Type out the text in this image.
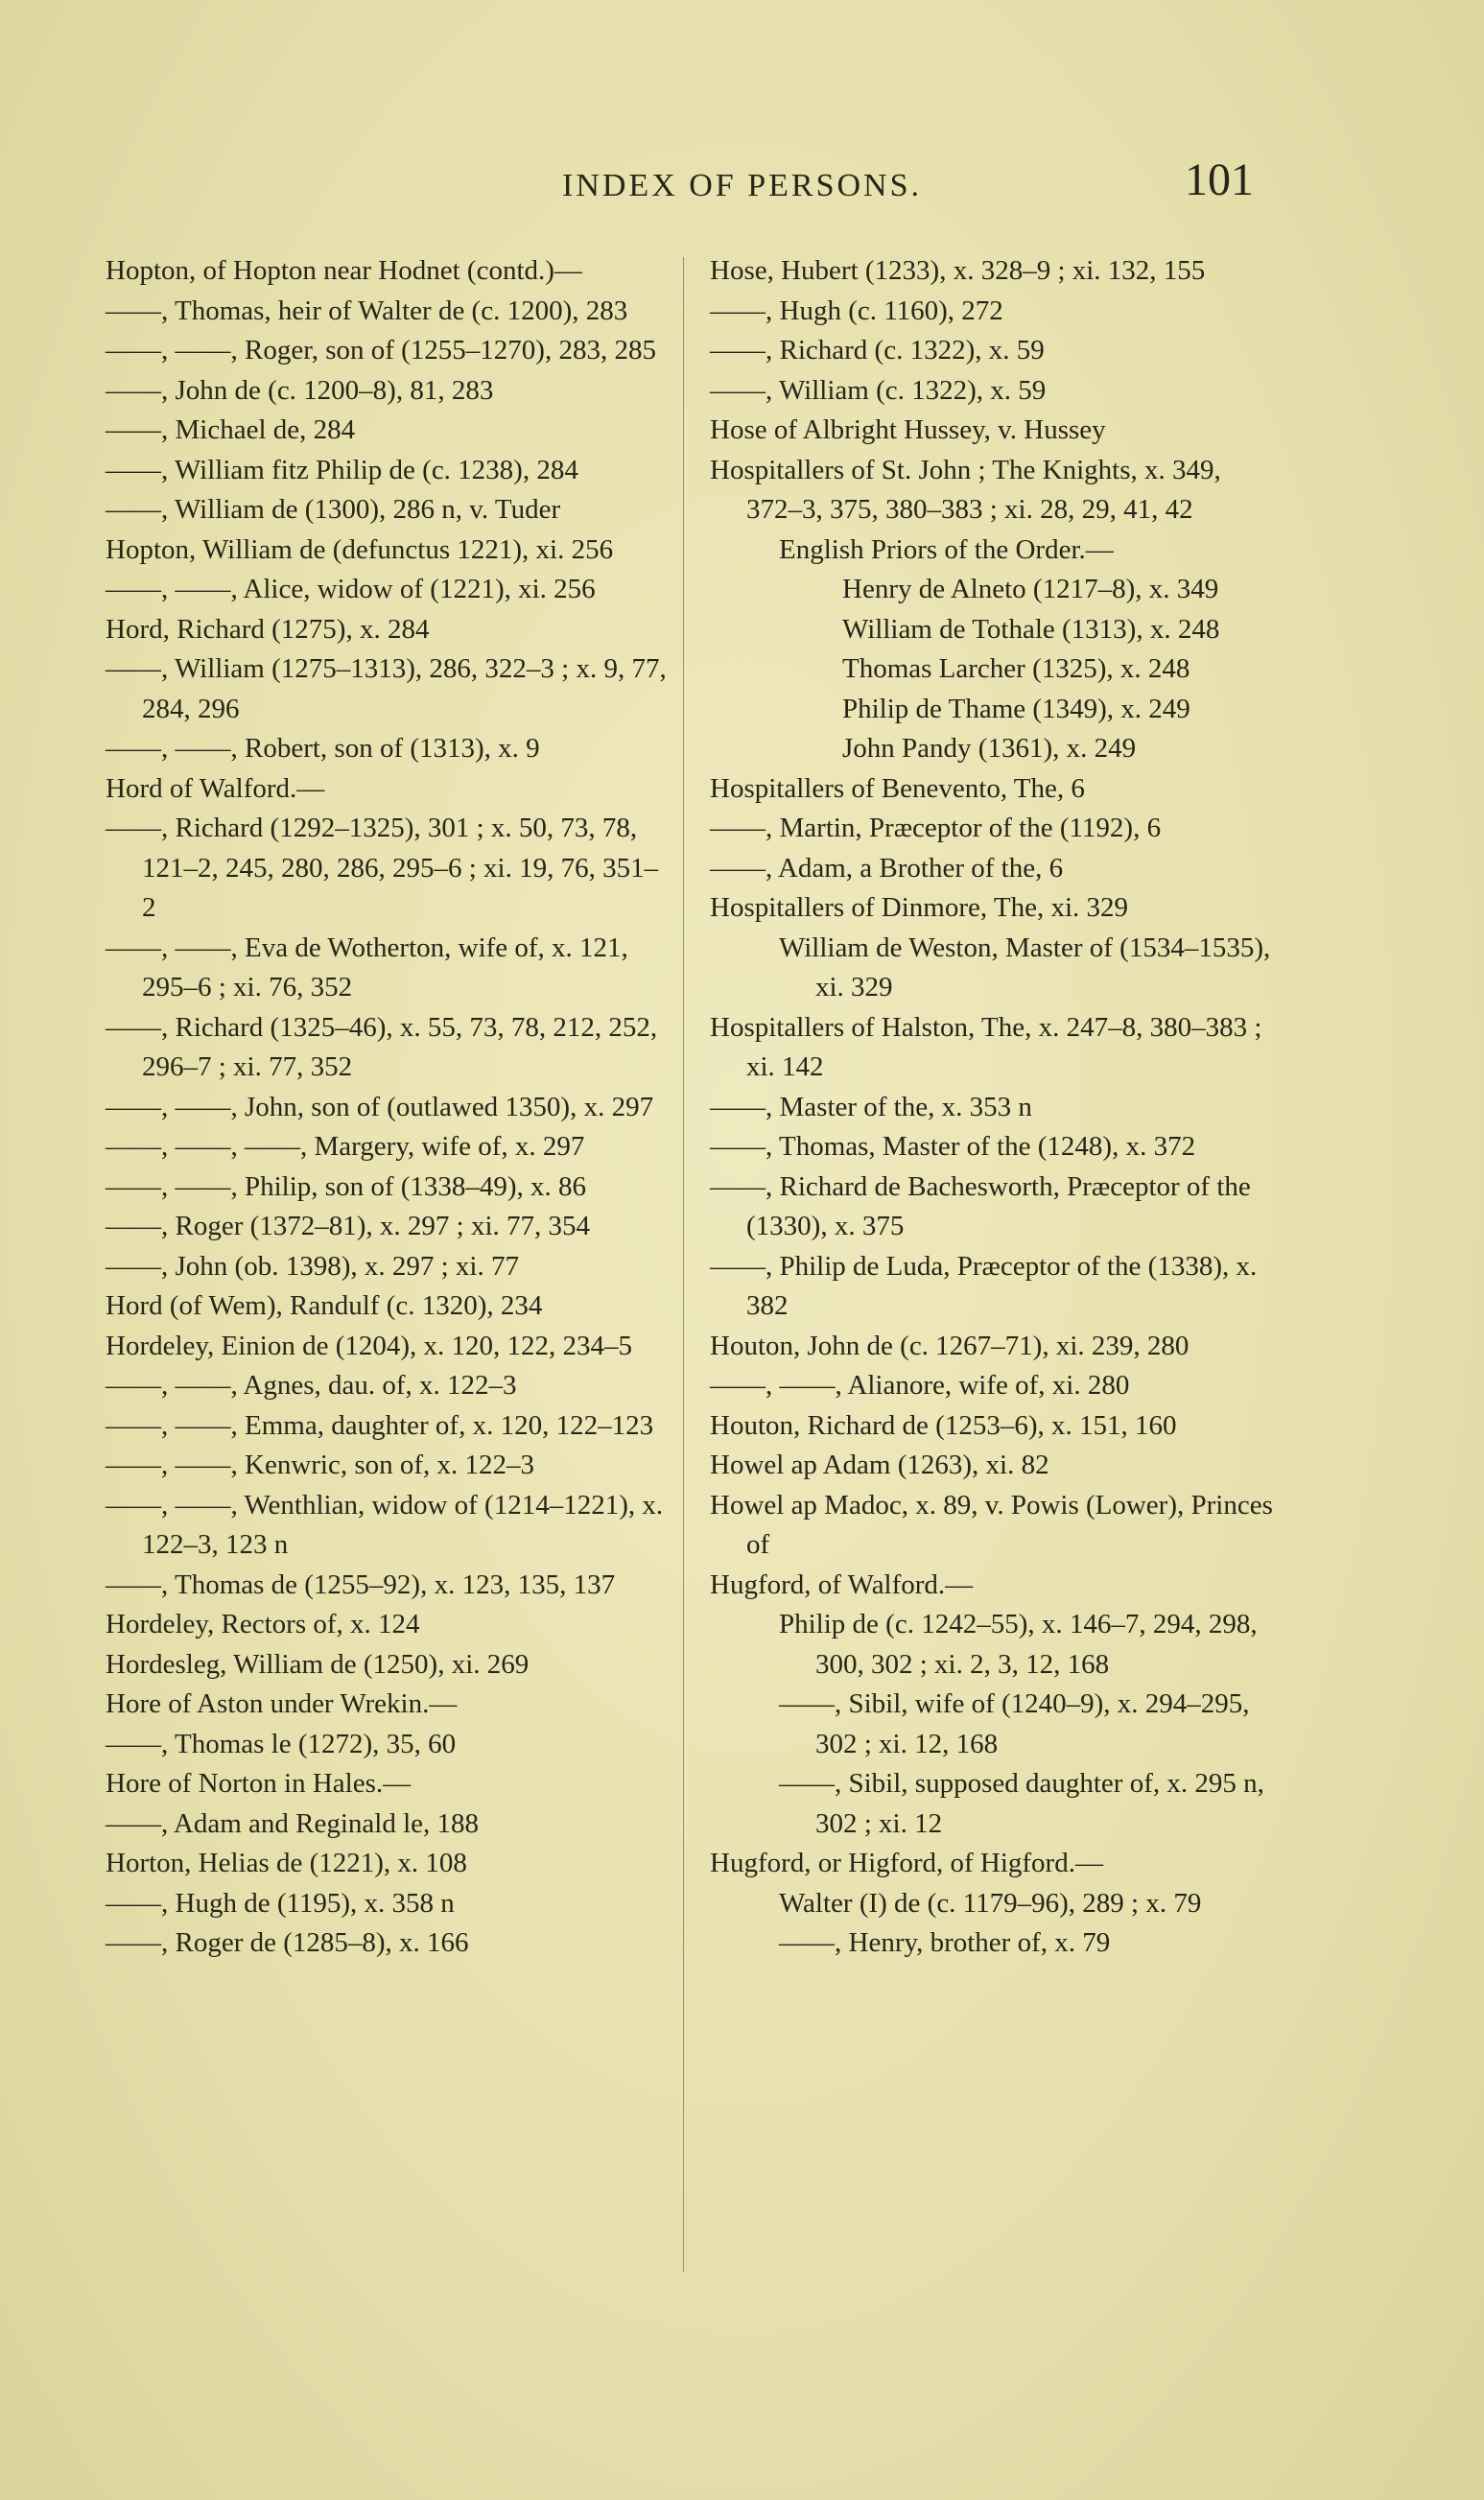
INDEX OF PERSONS.	101

Hopton, of Hopton near Hodnet (contd.)—

——, Thomas, heir of Walter de (c. 1200), 283

——, ——, Roger, son of (1255–1270), 283, 285

——, John de (c. 1200–8), 81, 283

——, Michael de, 284

——, William fitz Philip de (c. 1238), 284

——, William de (1300), 286 n, v. Tuder

Hopton, William de (defunctus 1221), xi. 256

——, ——, Alice, widow of (1221), xi. 256

Hord, Richard (1275), x. 284

——, William (1275–1313), 286, 322–3 ; x. 9, 77, 284, 296

——, ——, Robert, son of (1313), x. 9

Hord of Walford.—

——, Richard (1292–1325), 301 ; x. 50, 73, 78, 121–2, 245, 280, 286, 295–6 ; xi. 19, 76, 351–2

——, ——, Eva de Wotherton, wife of, x. 121, 295–6 ; xi. 76, 352

——, Richard (1325–46), x. 55, 73, 78, 212, 252, 296–7 ; xi. 77, 352

——, ——, John, son of (outlawed 1350), x. 297

——, ——, ——, Margery, wife of, x. 297

——, ——, Philip, son of (1338–49), x. 86

——, Roger (1372–81), x. 297 ; xi. 77, 354

——, John (ob. 1398), x. 297 ; xi. 77

Hord (of Wem), Randulf (c. 1320), 234

Hordeley, Einion de (1204), x. 120, 122, 234–5

——, ——, Agnes, dau. of, x. 122–3

——, ——, Emma, daughter of, x. 120, 122–123

——, ——, Kenwric, son of, x. 122–3

——, ——, Wenthlian, widow of (1214–1221), x. 122–3, 123 n

——, Thomas de (1255–92), x. 123, 135, 137

Hordeley, Rectors of, x. 124

Hordesleg, William de (1250), xi. 269

Hore of Aston under Wrekin.—

——, Thomas le (1272), 35, 60

Hore of Norton in Hales.—

——, Adam and Reginald le, 188

Horton, Helias de (1221), x. 108

——, Hugh de (1195), x. 358 n

——, Roger de (1285–8), x. 166

Hose, Hubert (1233), x. 328–9 ; xi. 132, 155

——, Hugh (c. 1160), 272

——, Richard (c. 1322), x. 59

——, William (c. 1322), x. 59

Hose of Albright Hussey, v. Hussey

Hospitallers of St. John ; The Knights, x. 349, 372–3, 375, 380–383 ; xi. 28, 29, 41, 42

English Priors of the Order.—

Henry de Alneto (1217–8), x. 349

William de Tothale (1313), x. 248

Thomas Larcher (1325), x. 248

Philip de Thame (1349), x. 249

John Pandy (1361), x. 249

Hospitallers of Benevento, The, 6

——, Martin, Præceptor of the (1192), 6

——, Adam, a Brother of the, 6

Hospitallers of Dinmore, The, xi. 329

William de Weston, Master of (1534–1535), xi. 329

Hospitallers of Halston, The, x. 247–8, 380–383 ; xi. 142

——, Master of the, x. 353 n

——, Thomas, Master of the (1248), x. 372

——, Richard de Bachesworth, Præceptor of the (1330), x. 375

——, Philip de Luda, Præceptor of the (1338), x. 382

Houton, John de (c. 1267–71), xi. 239, 280

——, ——, Alianore, wife of, xi. 280

Houton, Richard de (1253–6), x. 151, 160

Howel ap Adam (1263), xi. 82

Howel ap Madoc, x. 89, v. Powis (Lower), Princes of

Hugford, of Walford.—

Philip de (c. 1242–55), x. 146–7, 294, 298, 300, 302 ; xi. 2, 3, 12, 168

——, Sibil, wife of (1240–9), x. 294–295, 302 ; xi. 12, 168

——, Sibil, supposed daughter of, x. 295 n, 302 ; xi. 12

Hugford, or Higford, of Higford.—

Walter (I) de (c. 1179–96), 289 ; x. 79

——, Henry, brother of, x. 79
